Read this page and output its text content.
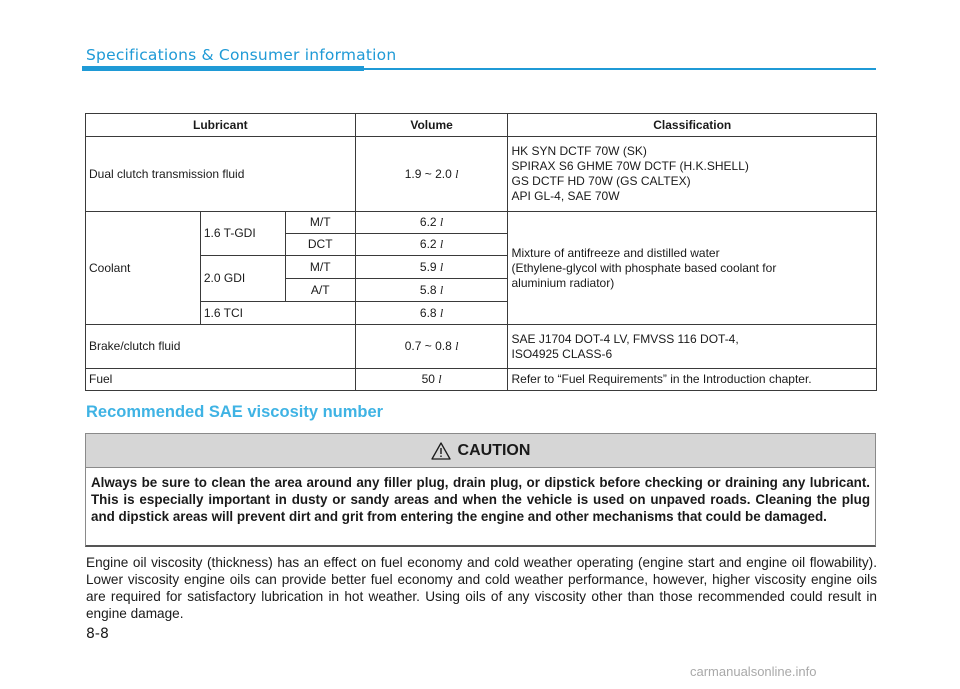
Specifications & Consumer information
Lubricant			Volume	Classification
Dual clutch transmission fluid			1.9 ~ 2.0 l	HK SYN DCTF 70W (SK)
SPIRAX S6 GHME 70W DCTF (H.K.SHELL)
GS DCTF HD 70W (GS CALTEX)
API GL-4, SAE 70W

Coolant	1.6 T-GDI	M/T	6.2 l	Mixture of antifreeze and distilled water
(Ethylene-glycol with phosphate based coolant for
aluminium radiator)

		DCT	6.2 l	
	2.0 GDI	M/T	5.9 l	
		A/T	5.8 l	
	1.6 TCI		6.8 l	
Brake/clutch fluid			0.7 ~ 0.8 l	SAE J1704 DOT-4 LV, FMVSS 116 DOT-4,
ISO4925 CLASS-6

Fuel			50 l	Refer to “Fuel Requirements” in the Introduction chapter.
Recommended SAE viscosity number
CAUTION
Always be sure to clean the area around any filler plug, drain plug, or dipstick before checking or draining any lubricant. This is especially important in dusty or sandy areas and when the vehicle is used on unpaved roads. Cleaning the plug and dipstick areas will prevent dirt and grit from entering the engine and other mechanisms that could be damaged.
Engine oil viscosity (thickness) has an effect on fuel economy and cold weather operating (engine start and engine oil flowability). Lower viscosity engine oils can provide better fuel economy and cold weather performance, however, higher viscosity engine oils are required for satisfactory lubrication in hot weather. Using oils of any viscosity other than those recommended could result in engine damage.
8-8
carmanualsonline.info
